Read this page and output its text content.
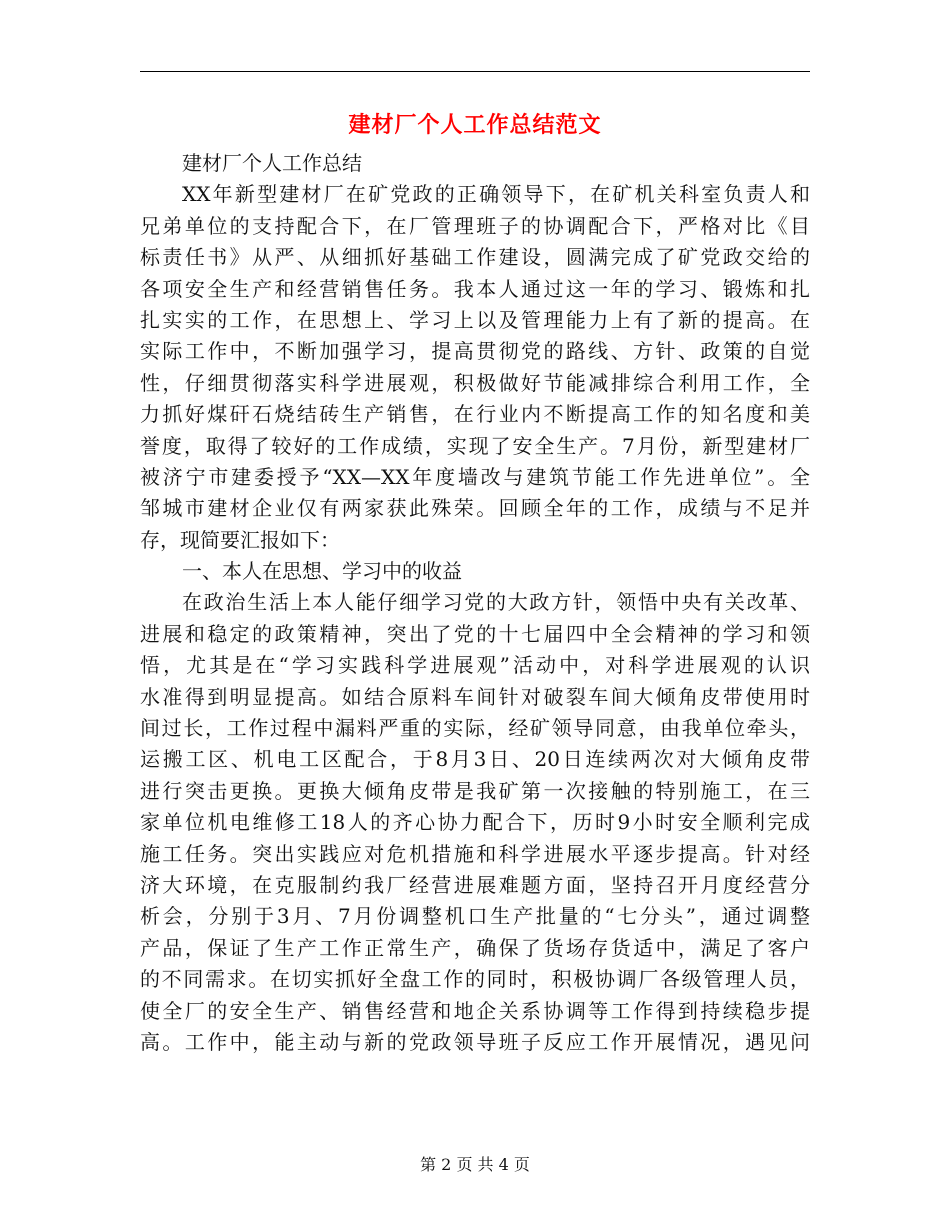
建材厂个人工作总结范文
建材厂个人工作总结
XX年新型建材厂在矿党政的正确领导下，在矿机关科室负责人和
兄弟单位的支持配合下，在厂管理班子的协调配合下，严格对比《目
标责任书》从严、从细抓好基础工作建设，圆满完成了矿党政交给的
各项安全生产和经营销售任务。我本人通过这一年的学习、锻炼和扎
扎实实的工作，在思想上、学习上以及管理能力上有了新的提高。在
实际工作中，不断加强学习，提高贯彻党的路线、方针、政策的自觉
性，仔细贯彻落实科学进展观，积极做好节能减排综合利用工作，全
力抓好煤矸石烧结砖生产销售，在行业内不断提高工作的知名度和美
誉度，取得了较好的工作成绩，实现了安全生产。7月份，新型建材厂
被济宁市建委授予“XX—XX年度墙改与建筑节能工作先进单位”。全
邹城市建材企业仅有两家获此殊荣。回顾全年的工作，成绩与不足并
存，现简要汇报如下：
一、本人在思想、学习中的收益
在政治生活上本人能仔细学习党的大政方针，领悟中央有关改革、
进展和稳定的政策精神，突出了党的十七届四中全会精神的学习和领
悟，尤其是在“学习实践科学进展观”活动中，对科学进展观的认识
水准得到明显提高。如结合原料车间针对破裂车间大倾角皮带使用时
间过长，工作过程中漏料严重的实际，经矿领导同意，由我单位牵头，
运搬工区、机电工区配合，于8月3日、20日连续两次对大倾角皮带
进行突击更换。更换大倾角皮带是我矿第一次接触的特别施工，在三
家单位机电维修工18人的齐心协力配合下，历时9小时安全顺利完成
施工任务。突出实践应对危机措施和科学进展水平逐步提高。针对经
济大环境，在克服制约我厂经营进展难题方面，坚持召开月度经营分
析会，分别于3月、7月份调整机口生产批量的“七分头”，通过调整
产品，保证了生产工作正常生产，确保了货场存货适中，满足了客户
的不同需求。在切实抓好全盘工作的同时，积极协调厂各级管理人员，
使全厂的安全生产、销售经营和地企关系协调等工作得到持续稳步提
高。工作中，能主动与新的党政领导班子反应工作开展情况，遇见问
第 2 页 共 4 页
